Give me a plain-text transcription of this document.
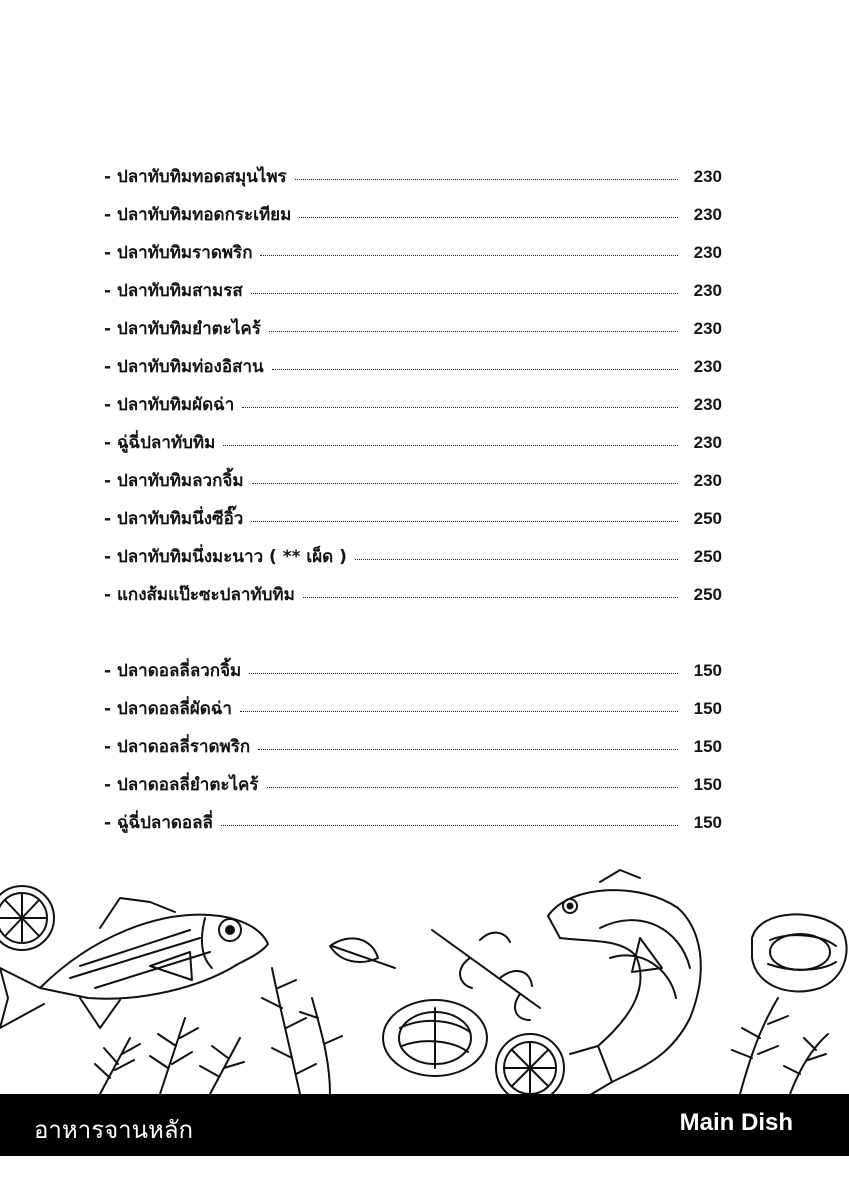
- ปลาทับทิมทอดสมุนไพร	230
- ปลาทับทิมทอดกระเทียม	230
- ปลาทับทิมราดพริก	230
- ปลาทับทิมสามรส	230
- ปลาทับทิมยำตะไคร้	230
- ปลาทับทิมท่องอิสาน	230
- ปลาทับทิมผัดฉ่า	230
- ฉู่ฉี่ปลาทับทิม	230
- ปลาทับทิมลวกจิ้ม	230
- ปลาทับทิมนึ่งซีอิ๊ว	250
- ปลาทับทิมนึ่งมะนาว ( ** เผ็ด )	250
- แกงส้มแป๊ะซะปลาทับทิม	250
- ปลาดอลลี่ลวกจิ้ม	150
- ปลาดอลลี่ผัดฉ่า	150
- ปลาดอลลี่ราดพริก	150
- ปลาดอลลี่ยำตะไคร้	150
- ฉู่ฉี่ปลาดอลลี่	150
อาหารจานหลัก	Main Dish
